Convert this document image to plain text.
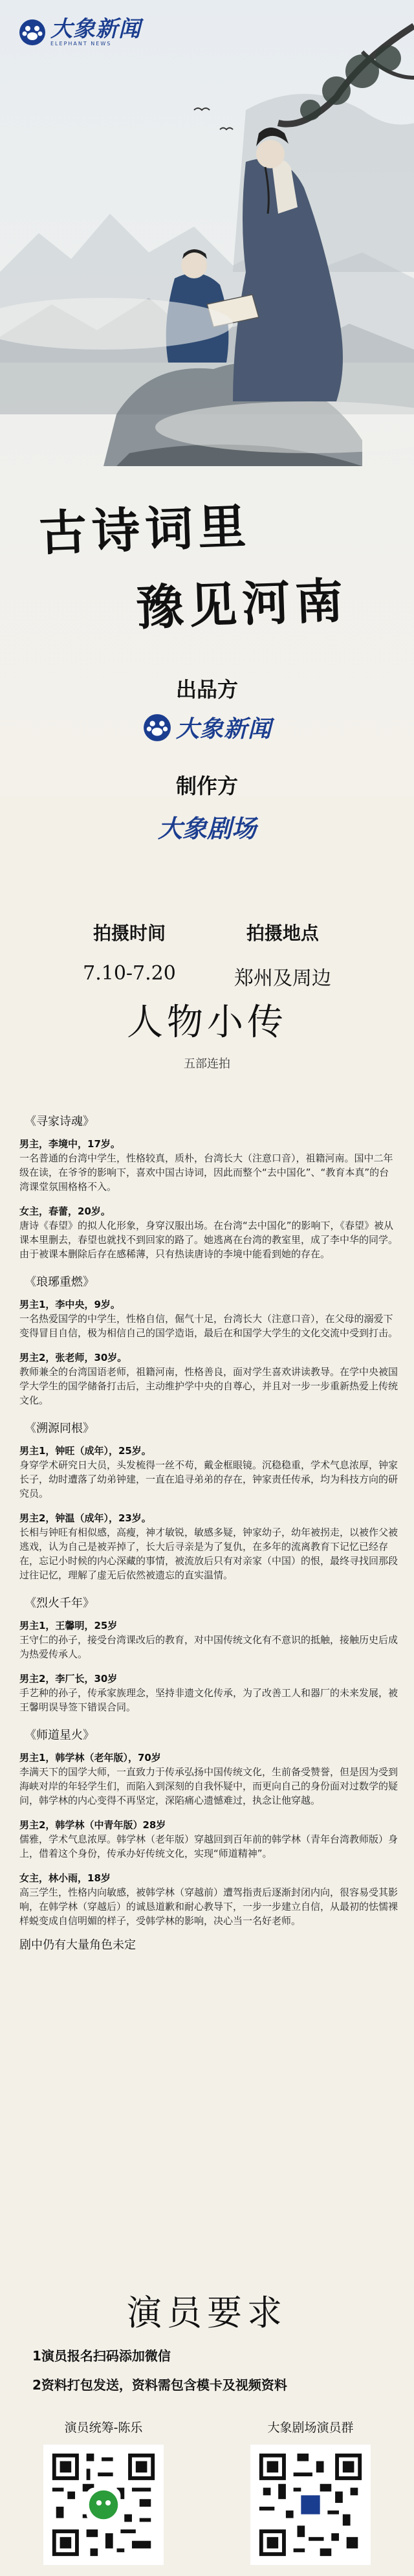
大象新闻
ELEPHANT NEWS
古诗词里
豫见河南
出品方
大象新闻
制作方
大象剧场
拍摄时间
7.10-7.20
拍摄地点
郑州及周边
人物小传
五部连拍
《寻家诗魂》

男主，李境中，17岁。

一名普通的台湾中学生，性格较真，质朴，台湾长大（注意口音），祖籍河南。国中二年级在读，在爷爷的影响下，喜欢中国古诗词，因此而整个“去中国化”、“教育本真”的台湾课堂氛围格格不入。

女主，春蕾，20岁。

唐诗《春望》的拟人化形象，身穿汉服出场。在台湾“去中国化”的影响下，《春望》被从课本里删去，春望也就找不到回家的路了。她逃离在台湾的教室里，成了李中华的同学。由于被课本删除后存在感稀薄，只有热读唐诗的李境中能看到她的存在。

《琅琊重燃》

男主1，李中央，9岁。

一名热爱国学的中学生，性格自信，倔气十足，台湾长大（注意口音），在父母的溺爱下变得冒目自信，极为相信自己的国学造诣，最后在和国学大学生的文化交流中受到打击。

男主2，张老师，30岁。

教师兼全的台湾国语老师，祖籍河南，性格善良，面对学生喜欢讲读教导。在学中央被国学大学生的国学储备打击后，主动维护学中央的自尊心，并且对一步一步重新热爱上传统文化。

《溯源同根》

男主1，钟旺（成年），25岁。

身穿学术研究日大员，头发梳得一丝不苟，戴金框眼镜。沉稳稳重，学术气息浓厚，钟家长子，幼时遭落了幼弟钟建，一直在追寻弟弟的存在，钟家责任传承，均为科技方向的研究员。

男主2，钟温（成年），23岁。

长相与钟旺有相似感，高瘦，神才敏锐，敏感多疑，钟家幼子，幼年被拐走，以被作父被逃戏，认为自己是被弄掉了，长大后寻亲是为了复仇，在多年的流离教育下记忆已经存在，忘记小时候的内心深藏的事情，被流放后只有对亲家（中国）的恨，最终寻找回那段过往记忆，理解了虚无后依然被遗忘的直实温情。

《烈火千年》

男主1，王馨明，25岁

王守仁的孙子，接受台湾课改后的教育，对中国传统文化有不意识的抵触，接触历史后成为热爱传承人。

男主2，李厂长，30岁

手艺种的孙子，传承家族理念，坚持非遗文化传承，为了改善工人和器厂的未来发展，被王馨明误导签下错误合同。

《师道星火》

男主1，韩学林（老年版），70岁

李满天下的国学大师，一直致力于传承弘扬中国传统文化，生前备受赞誉，但是因为受到海峡对岸的年轻学生们，而陷入到深刻的自我怀疑中，而更向自己的身份面对过数学的疑问，韩学林的内心变得不再坚定，深陷痛心遗憾难过，执念让他穿越。

男主2，韩学林（中青年版）28岁

儒雅，学术气息浓厚。韩学林（老年版）穿越回到百年前的韩学林（青年台湾教师版）身上，借着这个身份，传承办好传统文化，实现“师道精神”。

女主，林小雨，18岁

高三学生，性格内向敏感，被韩学林（穿越前）遭驾指责后逐渐封闭内向，很容易受其影响，在韩学林（穿越后）的诚恳道歉和耐心教导下，一步一步建立自信，从最初的怯懦裸样蜕变成自信明媚的样子，受韩学林的影响，决心当一名好老师。

剧中仍有大量角色未定
演员要求
1演员报名扫码添加微信
2资料打包发送，资料需包含模卡及视频资料
演员统筹-陈乐	大象剧场演员群
